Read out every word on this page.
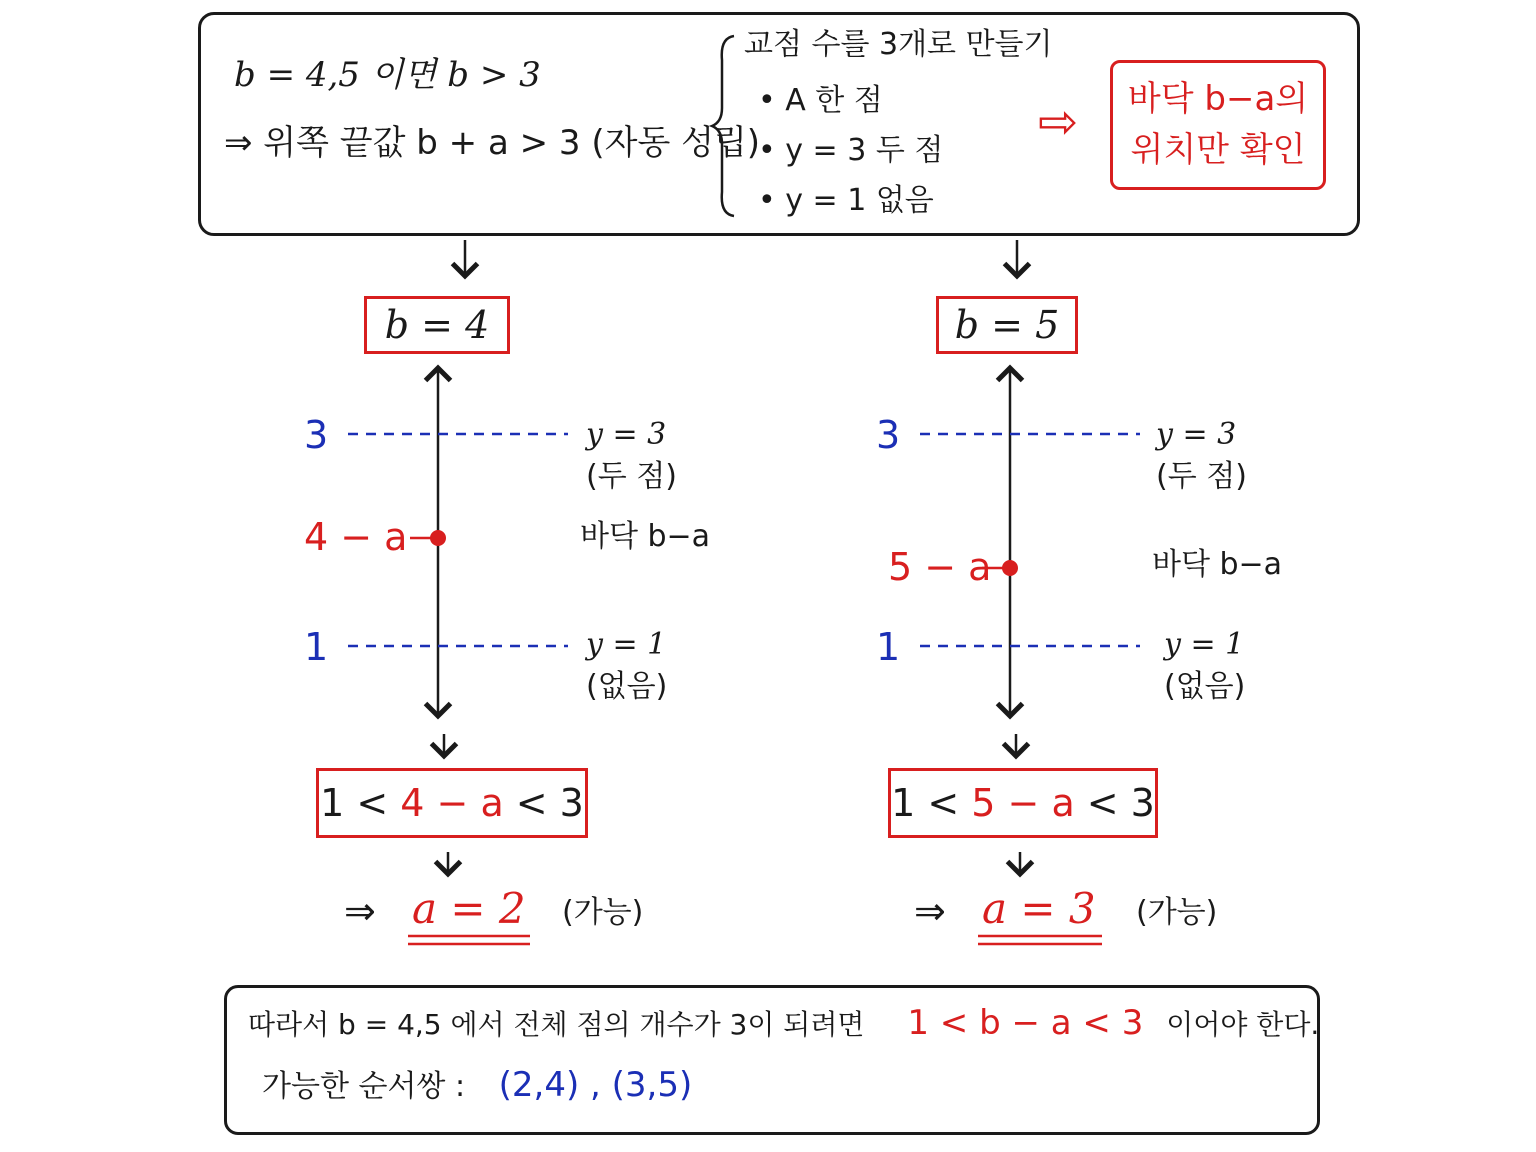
b = 4,5 이면 b > 3
⇒ 위쪽 끝값 b + a > 3 (자동 성립)
교점 수를 3개로 만들기
• A 한 점
• y = 3 두 점
• y = 1 없음
⇨ 바닥 b−a의
위치만 확인
b = 4
3	y = 3
(두 점)
4 − a	바닥 b−a
1	y = 1
(없음)
1 < 4 − a < 3
⇒ a = 2 (가능)
b = 5
3	y = 3
(두 점)
5 − a	바닥 b−a
1	y = 1
(없음)
1 < 5 − a < 3
⇒ a = 3 (가능)
따라서 b = 4,5 에서 전체 점의 개수가 3이 되려면 1 < b − a < 3 이어야 한다.
가능한 순서쌍 : (2,4) , (3,5)
